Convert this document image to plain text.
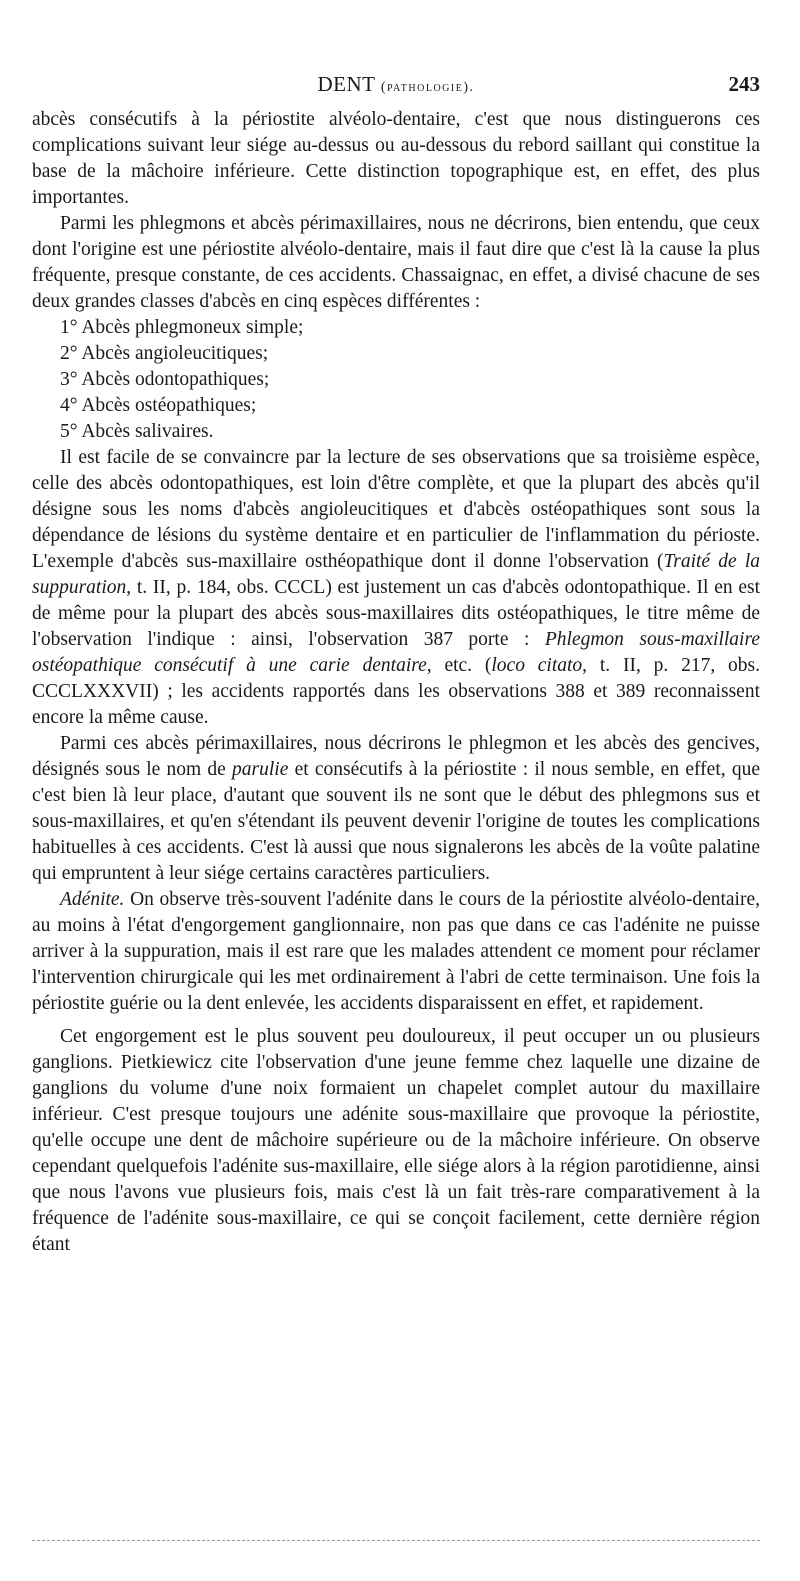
DENT (pathologie).	243

abcès consécutifs à la périostite alvéolo-dentaire, c'est que nous distinguerons ces complications suivant leur siége au-dessus ou au-dessous du rebord saillant qui constitue la base de la mâchoire inférieure. Cette distinction topographique est, en effet, des plus importantes.

Parmi les phlegmons et abcès périmaxillaires, nous ne décrirons, bien entendu, que ceux dont l'origine est une périostite alvéolo-dentaire, mais il faut dire que c'est là la cause la plus fréquente, presque constante, de ces accidents. Chassaignac, en effet, a divisé chacune de ses deux grandes classes d'abcès en cinq espèces différentes :

1° Abcès phlegmoneux simple;

2° Abcès angioleucitiques;

3° Abcès odontopathiques;

4° Abcès ostéopathiques;

5° Abcès salivaires.

Il est facile de se convaincre par la lecture de ses observations que sa troisième espèce, celle des abcès odontopathiques, est loin d'être complète, et que la plupart des abcès qu'il désigne sous les noms d'abcès angioleucitiques et d'abcès ostéopathiques sont sous la dépendance de lésions du système dentaire et en particulier de l'inflammation du périoste. L'exemple d'abcès sus-maxillaire osthéopathique dont il donne l'observation (Traité de la suppuration, t. II, p. 184, obs. CCCL) est justement un cas d'abcès odontopathique. Il en est de même pour la plupart des abcès sous-maxillaires dits ostéopathiques, le titre même de l'observation l'indique : ainsi, l'observation 387 porte : Phlegmon sous-maxillaire ostéopathique consécutif à une carie dentaire, etc. (loco citato, t. II, p. 217, obs. CCCLXXXVII) ; les accidents rapportés dans les observations 388 et 389 reconnaissent encore la même cause.

Parmi ces abcès périmaxillaires, nous décrirons le phlegmon et les abcès des gencives, désignés sous le nom de parulie et consécutifs à la périostite : il nous semble, en effet, que c'est bien là leur place, d'autant que souvent ils ne sont que le début des phlegmons sus et sous-maxillaires, et qu'en s'étendant ils peuvent devenir l'origine de toutes les complications habituelles à ces accidents. C'est là aussi que nous signalerons les abcès de la voûte palatine qui empruntent à leur siége certains caractères particuliers.

Adénite. On observe très-souvent l'adénite dans le cours de la périostite alvéolo-dentaire, au moins à l'état d'engorgement ganglionnaire, non pas que dans ce cas l'adénite ne puisse arriver à la suppuration, mais il est rare que les malades attendent ce moment pour réclamer l'intervention chirurgicale qui les met ordinairement à l'abri de cette terminaison. Une fois la périostite guérie ou la dent enlevée, les accidents disparaissent en effet, et rapidement.

Cet engorgement est le plus souvent peu douloureux, il peut occuper un ou plusieurs ganglions. Pietkiewicz cite l'observation d'une jeune femme chez laquelle une dizaine de ganglions du volume d'une noix formaient un chapelet complet autour du maxillaire inférieur. C'est presque toujours une adénite sous-maxillaire que provoque la périostite, qu'elle occupe une dent de mâchoire supérieure ou de la mâchoire inférieure. On observe cependant quelquefois l'adénite sus-maxillaire, elle siége alors à la région parotidienne, ainsi que nous l'avons vue plusieurs fois, mais c'est là un fait très-rare comparativement à la fréquence de l'adénite sous-maxillaire, ce qui se conçoit facilement, cette dernière région étant
